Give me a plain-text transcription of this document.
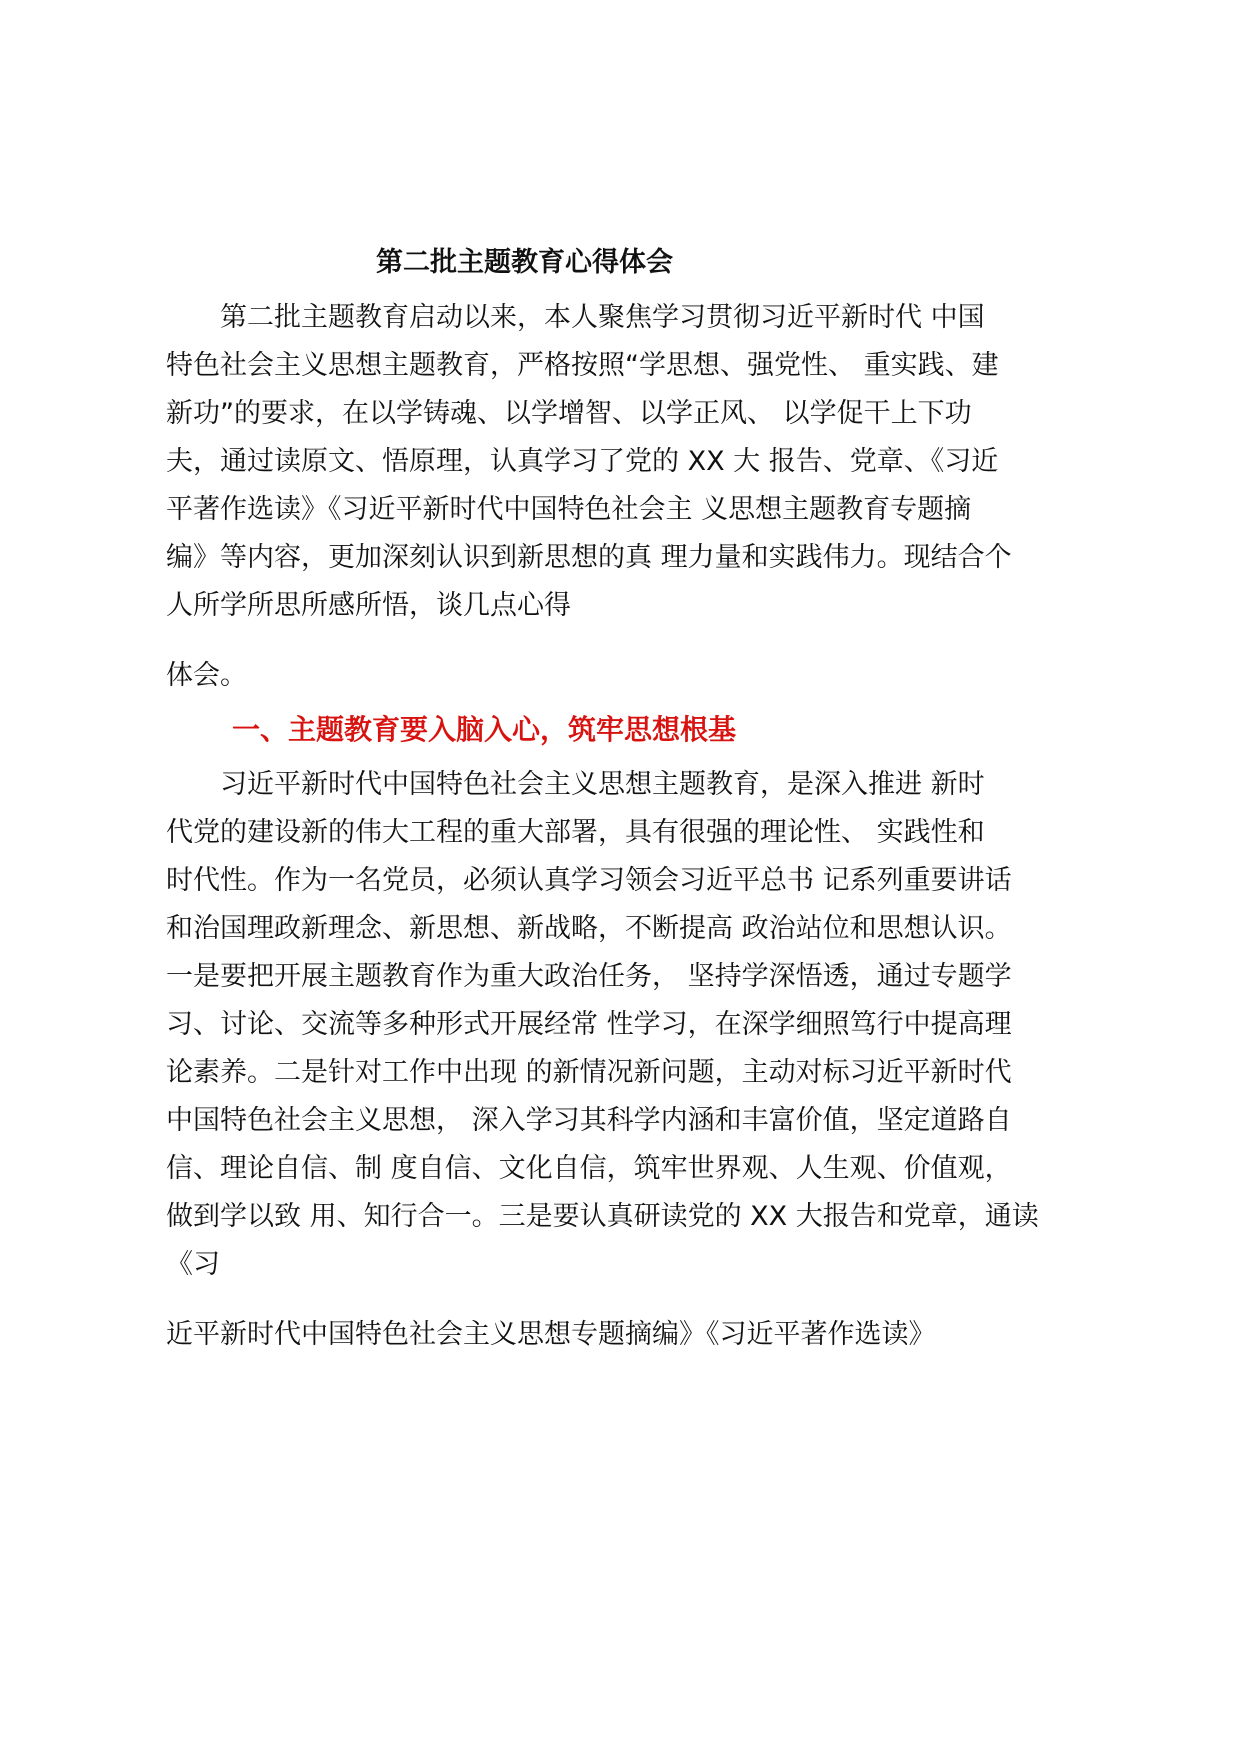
第二批主题教育心得体会
　　第二批主题教育启动以来，本人聚焦学习贯彻习近平新时代 中国
特色社会主义思想主题教育，严格按照“学思想、强党性、 重实践、建
新功”的要求，在以学铸魂、以学增智、以学正风、 以学促干上下功
夫，通过读原文、悟原理，认真学习了党的 XX 大 报告、党章、《习近
平著作选读》《习近平新时代中国特色社会主 义思想主题教育专题摘
编》等内容，更加深刻认识到新思想的真 理力量和实践伟力。现结合个
人所学所思所感所悟，谈几点心得
体会。
一、主题教育要入脑入心，筑牢思想根基
　　习近平新时代中国特色社会主义思想主题教育，是深入推进 新时
代党的建设新的伟大工程的重大部署，具有很强的理论性、 实践性和
时代性。作为一名党员，必须认真学习领会习近平总书 记系列重要讲话
和治国理政新理念、新思想、新战略，不断提高 政治站位和思想认识。
一是要把开展主题教育作为重大政治任务， 坚持学深悟透，通过专题学
习、讨论、交流等多种形式开展经常 性学习，在深学细照笃行中提高理
论素养。二是针对工作中出现 的新情况新问题，主动对标习近平新时代
中国特色社会主义思想， 深入学习其科学内涵和丰富价值，坚定道路自
信、理论自信、制 度自信、文化自信，筑牢世界观、人生观、价值观，
做到学以致 用、知行合一。三是要认真研读党的 XX 大报告和党章，通读
《习
近平新时代中国特色社会主义思想专题摘编》《习近平著作选读》
